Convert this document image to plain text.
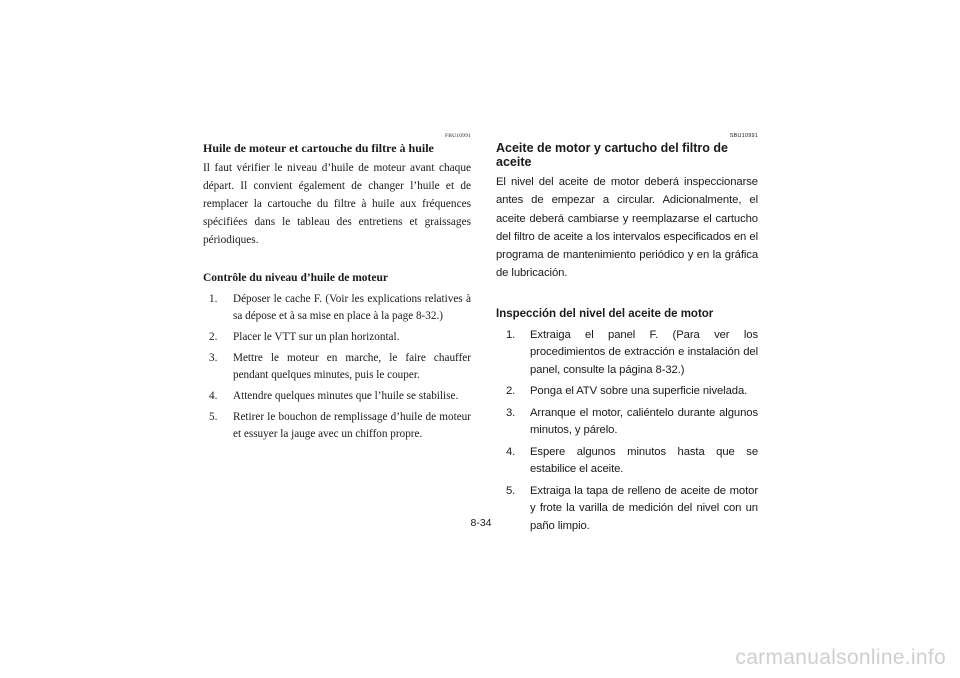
FBU10991
Huile de moteur et cartouche du filtre à huile

Il faut vérifier le niveau d’huile de moteur avant chaque départ. Il convient également de changer l’huile et de remplacer la cartouche du filtre à huile aux fréquences spécifiées dans le tableau des entretiens et graissages périodiques.

Contrôle du niveau d’huile de moteur
1.	Déposer le cache F. (Voir les explications relatives à sa dépose et à sa mise en place à la page 8-32.)
2.	Placer le VTT sur un plan horizontal.
3.	Mettre le moteur en marche, le faire chauffer pendant quelques minutes, puis le couper.
4.	Attendre quelques minutes que l’huile se stabilise.
5.	Retirer le bouchon de remplissage d’huile de moteur et essuyer la jauge avec un chiffon propre.
SBU10991
Aceite de motor y cartucho del filtro de aceite

El nivel del aceite de motor deberá inspeccionarse antes de empezar a circular. Adicionalmente, el aceite deberá cambiarse y reemplazarse el cartucho del filtro de aceite a los intervalos especificados en el programa de mantenimiento periódico y en la gráfica de lubricación.

Inspección del nivel del aceite de motor
1.	Extraiga el panel F. (Para ver los procedimientos de extracción e instalación del panel, consulte la página 8-32.)
2.	Ponga el ATV sobre una superficie nivelada.
3.	Arranque el motor, caliéntelo durante algunos minutos, y párelo.
4.	Espere algunos minutos hasta que se estabilice el aceite.
5.	Extraiga la tapa de relleno de aceite de motor y frote la varilla de medición del nivel con un paño limpio.
8-34
carmanualsonline.info
